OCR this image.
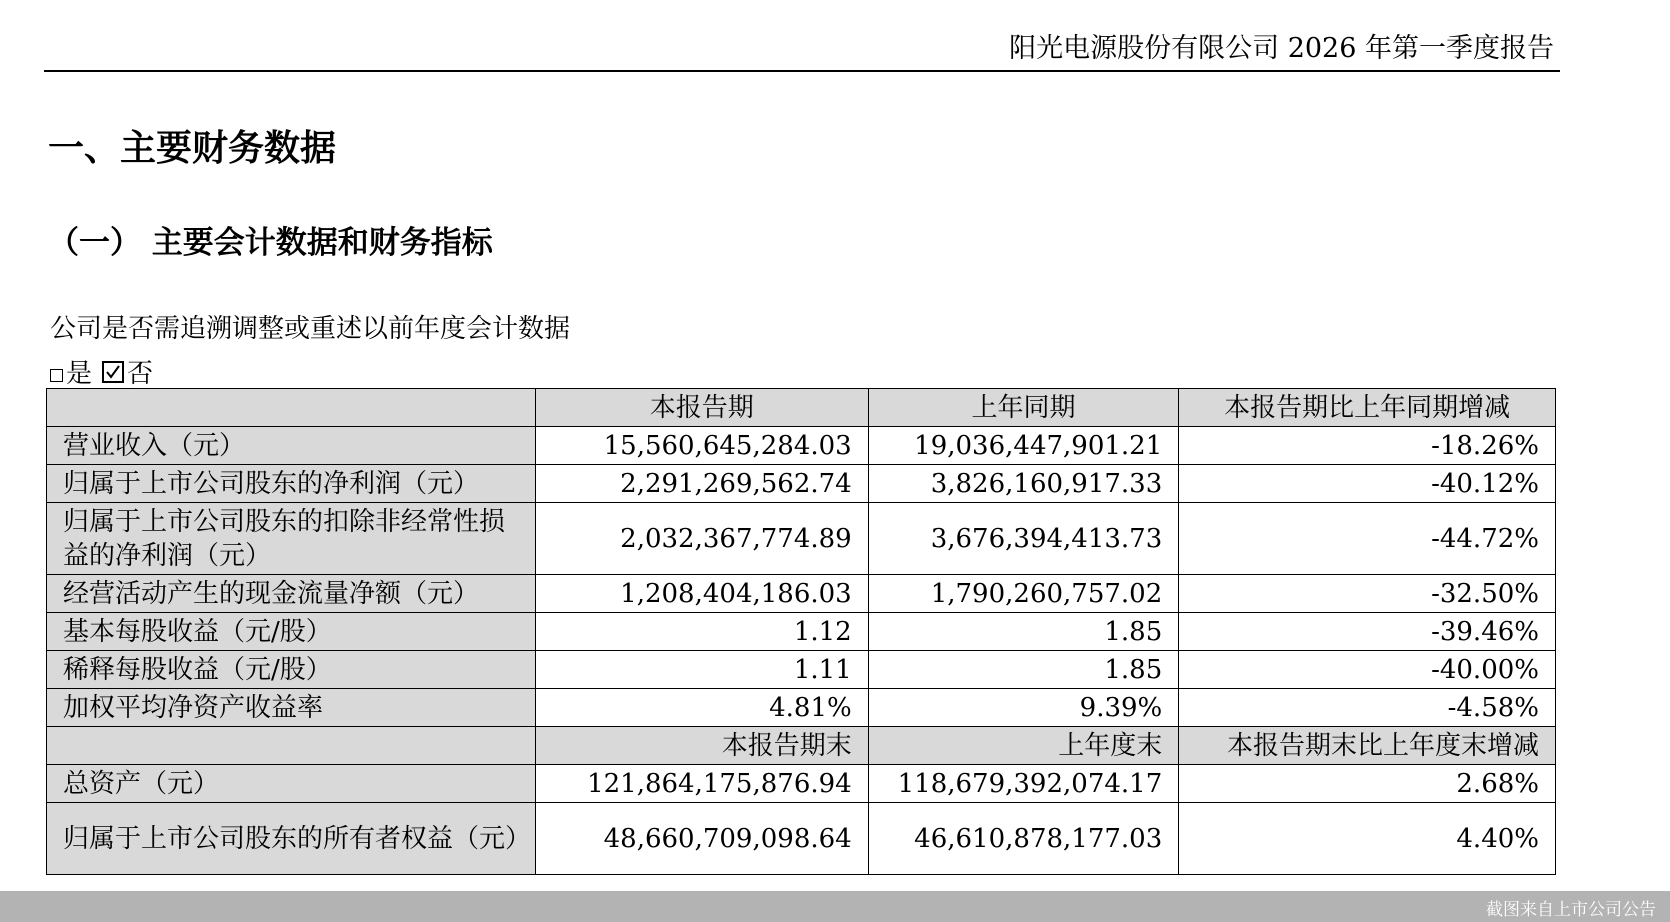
阳光电源股份有限公司 2026 年第一季度报告
一、主要财务数据
（一） 主要会计数据和财务指标
公司是否需追溯调整或重述以前年度会计数据
是 否
	本报告期	上年同期	本报告期比上年同期增减
营业收入（元）	15,560,645,284.03	19,036,447,901.21	-18.26%
归属于上市公司股东的净利润（元）	2,291,269,562.74	3,826,160,917.33	-40.12%
归属于上市公司股东的扣除非经常性损益的净利润（元）	2,032,367,774.89	3,676,394,413.73	-44.72%
经营活动产生的现金流量净额（元）	1,208,404,186.03	1,790,260,757.02	-32.50%
基本每股收益（元/股）	1.12	1.85	-39.46%
稀释每股收益（元/股）	1.11	1.85	-40.00%
加权平均净资产收益率	4.81%	9.39%	-4.58%
	本报告期末	上年度末	本报告期末比上年度末增减
总资产（元）	121,864,175,876.94	118,679,392,074.17	2.68%
归属于上市公司股东的所有者权益（元）	48,660,709,098.64	46,610,878,177.03	4.40%
截图来自上市公司公告
